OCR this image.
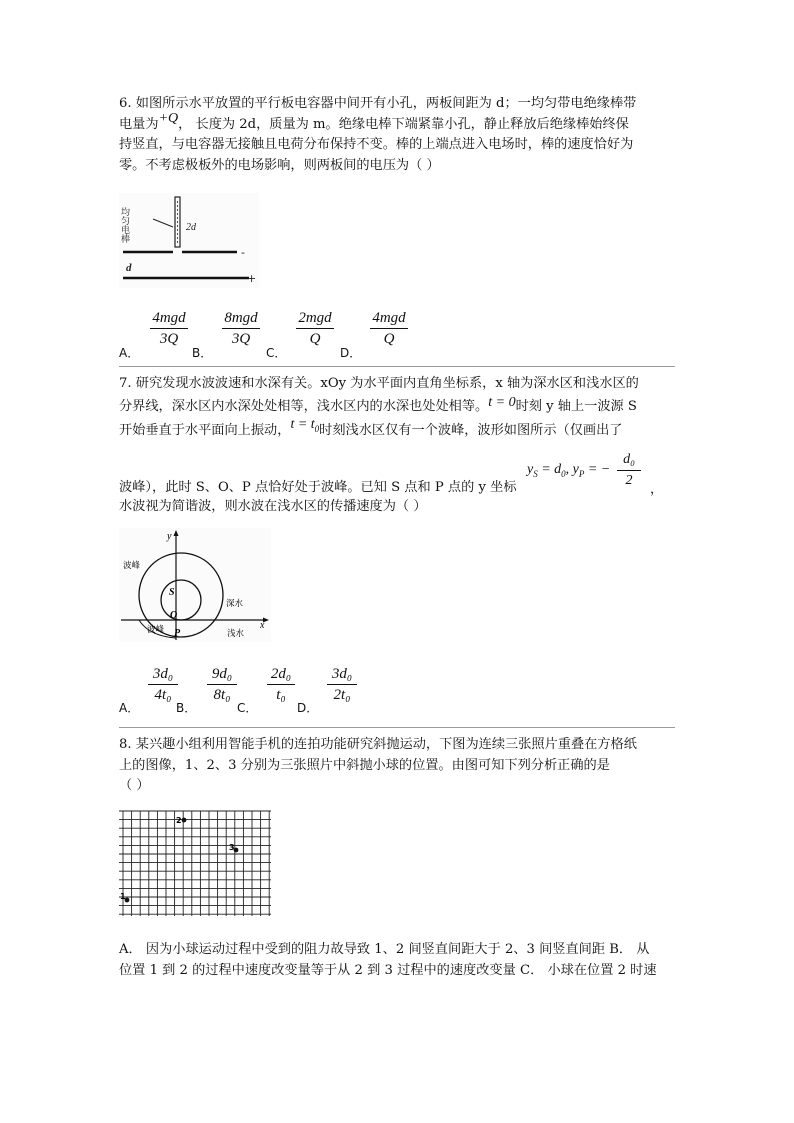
6. 如图所示水平放置的平行板电容器中间开有小孔，两板间距为 d；一均匀带电绝缘棒带

电量为+Q， 长度为 2d，质量为 m。绝缘电棒下端紧靠小孔，静止释放后绝缘棒始终保

持竖直，与电容器无接触且电荷分布保持不变。棒的上端点进入电场时，棒的速度恰好为

零。不考虑极板外的电场影响，则两板间的电压为（ ）

均匀电棒	2d
-
+
d
A．
4mgd
3Q
B．
8mgd
3Q
C．
2mgd
Q
D．
4mgd
Q

7. 研究发现水波波速和水深有关。xOy 为水平面内直角坐标系，x 轴为深水区和浅水区的

分界线，深水区内水深处处相等，浅水区内的水深也处处相等。t = 0时刻 y 轴上一波源 S

开始垂直于水平面向上振动，$t = t_0$时刻浅水区仅有一个波峰，波形如图所示（仅画出了

波峰），此时 S、O、P 点恰好处于波峰。已知 S 点和 P 点的 y 坐标
$y_S = d_0$, $y_P$ = −
d₀
2
，
水波视为简谐波，则水波在浅水区的传播速度为（ ）
y
x
波峰
波峰
S
O
P
深水
浅水
A．
3d₀
4t₀
B．
9d₀
8t₀
C．
2d₀
t₀
D．
3d₀
2t₀

8. 某兴趣小组利用智能手机的连拍功能研究斜抛运动，下图为连续三张照片重叠在方格纸

上的图像，1、2、3 分别为三张照片中斜抛小球的位置。由图可知下列分析正确的是

（ ）

1
2
3

A． 因为小球运动过程中受到的阻力故导致 1、2 间竖直间距大于 2、3 间竖直间距 B． 从

位置 1 到 2 的过程中速度改变量等于从 2 到 3 过程中的速度改变量 C． 小球在位置 2 时速
